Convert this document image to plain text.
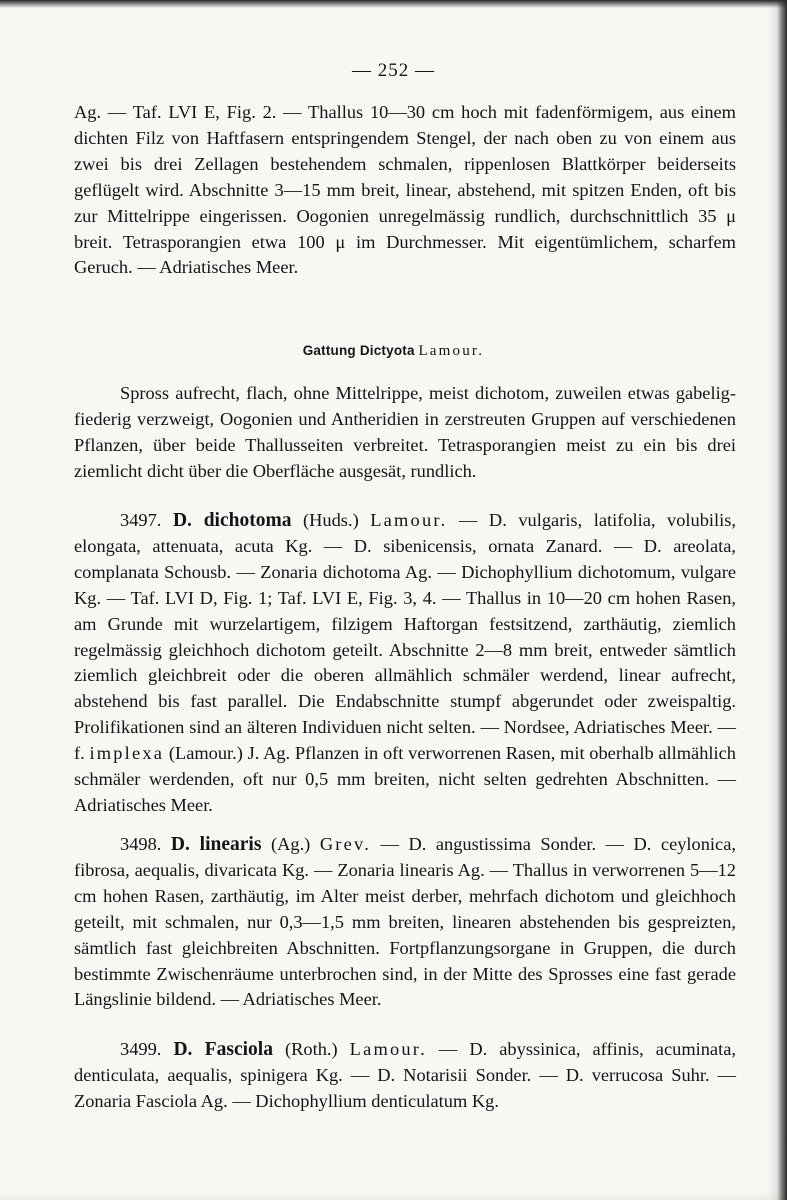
— 252 —

Ag. — Taf. LVI E, Fig. 2. — Thallus 10—30 cm hoch mit fadenförmigem, aus einem dichten Filz von Haftfasern entspringendem Stengel, der nach oben zu von einem aus zwei bis drei Zellagen bestehendem schmalen, rippenlosen Blattkörper beiderseits geflügelt wird. Abschnitte 3—15 mm breit, linear, abstehend, mit spitzen Enden, oft bis zur Mittelrippe eingerissen. Oogonien unregelmässig rundlich, durchschnittlich 35 μ breit. Tetrasporangien etwa 100 μ im Durchmesser. Mit eigentümlichem, scharfem Geruch. — Adriatisches Meer.

Gattung Dictyota Lamour.

Spross aufrecht, flach, ohne Mittelrippe, meist dichotom, zuweilen etwas gabelig-fiederig verzweigt, Oogonien und Antheridien in zerstreuten Gruppen auf verschiedenen Pflanzen, über beide Thallusseiten verbreitet. Tetrasporangien meist zu ein bis drei ziemlicht dicht über die Oberfläche ausgesät, rundlich.

3497. D. dichotoma (Huds.) Lamour. — D. vulgaris, latifolia, volubilis, elongata, attenuata, acuta Kg. — D. sibenicensis, ornata Zanard. — D. areolata, complanata Schousb. — Zonaria dichotoma Ag. — Dichophyllium dichotomum, vulgare Kg. — Taf. LVI D, Fig. 1; Taf. LVI E, Fig. 3, 4. — Thallus in 10—20 cm hohen Rasen, am Grunde mit wurzelartigem, filzigem Haftorgan festsitzend, zarthäutig, ziemlich regelmässig gleichhoch dichotom geteilt. Abschnitte 2—8 mm breit, entweder sämtlich ziemlich gleichbreit oder die oberen allmählich schmäler werdend, linear aufrecht, abstehend bis fast parallel. Die Endabschnitte stumpf abgerundet oder zweispaltig. Prolifikationen sind an älteren Individuen nicht selten. — Nordsee, Adriatisches Meer. — f. implexa (Lamour.) J. Ag. Pflanzen in oft verworrenen Rasen, mit oberhalb allmählich schmäler werdenden, oft nur 0,5 mm breiten, nicht selten gedrehten Abschnitten. — Adriatisches Meer.

3498. D. linearis (Ag.) Grev. — D. angustissima Sonder. — D. ceylonica, fibrosa, aequalis, divaricata Kg. — Zonaria linearis Ag. — Thallus in verworrenen 5—12 cm hohen Rasen, zarthäutig, im Alter meist derber, mehrfach dichotom und gleichhoch geteilt, mit schmalen, nur 0,3—1,5 mm breiten, linearen abstehenden bis gespreizten, sämtlich fast gleichbreiten Abschnitten. Fortpflanzungsorgane in Gruppen, die durch bestimmte Zwischenräume unterbrochen sind, in der Mitte des Sprosses eine fast gerade Längslinie bildend. — Adriatisches Meer.

3499. D. Fasciola (Roth.) Lamour. — D. abyssinica, affinis, acuminata, denticulata, aequalis, spinigera Kg. — D. Notarisii Sonder. — D. verrucosa Suhr. — Zonaria Fasciola Ag. — Dichophyllium denticulatum Kg.
